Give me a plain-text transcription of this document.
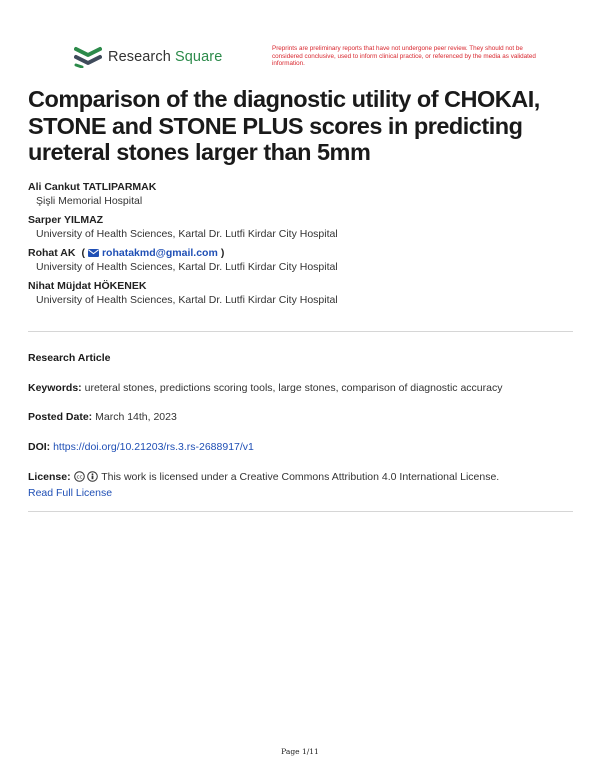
Research Square
Preprints are preliminary reports that have not undergone peer review. They should not be considered conclusive, used to inform clinical practice, or referenced by the media as validated information.
Comparison of the diagnostic utility of CHOKAI, STONE and STONE PLUS scores in predicting ureteral stones larger than 5mm
Ali Cankut TATLIPARMAK
Şişli Memorial Hospital
Sarper YILMAZ
University of Health Sciences, Kartal Dr. Lutfi Kirdar City Hospital
Rohat AK ( rohatakmd@gmail.com )
University of Health Sciences, Kartal Dr. Lutfi Kirdar City Hospital
Nihat Müjdat HÖKENEK
University of Health Sciences, Kartal Dr. Lutfi Kirdar City Hospital
Research Article
Keywords: ureteral stones, predictions scoring tools, large stones, comparison of diagnostic accuracy
Posted Date: March 14th, 2023
DOI: https://doi.org/10.21203/rs.3.rs-2688917/v1
License: cc This work is licensed under a Creative Commons Attribution 4.0 International License.
Read Full License
Page 1/11
